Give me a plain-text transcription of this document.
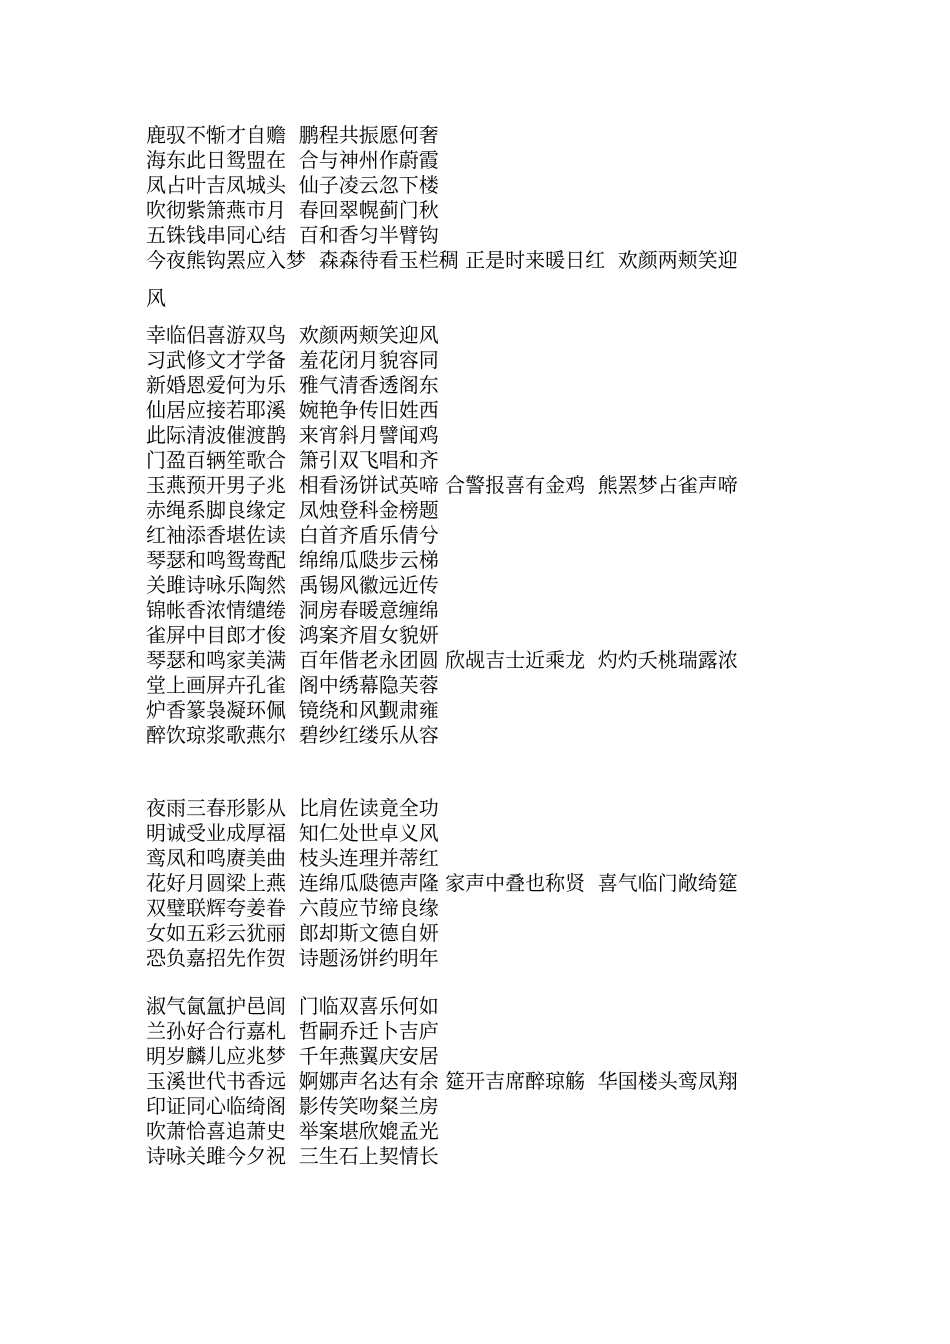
鹿驭不惭才自赡  鹏程共振愿何奢
海东此日鸳盟在  合与神州作蔚霞
凤占叶吉凤城头  仙子凌云忽下楼
吹彻紫箫燕市月  春回翠幌蓟门秋
五铢钱串同心结  百和香匀半臂钩
今夜熊钩罴应入梦  森森待看玉栏稠 正是时来暖日红  欢颜两颊笑迎
风
幸临侣喜游双鸟  欢颜两颊笑迎风
习武修文才学备  羞花闭月貌容同
新婚恩爱何为乐  雅气清香透阁东
仙居应接若耶溪  婉艳争传旧姓西
此际清波催渡鹊  来宵斜月譬闻鸡
门盈百辆笙歌合  箫引双飞唱和齐
玉燕预开男子兆  相看汤饼试英啼 合警报喜有金鸡  熊罴梦占雀声啼
赤绳系脚良缘定  凤烛登科金榜题
红袖添香堪佐读  白首齐盾乐倩兮
琴瑟和鸣鸳鸯配  绵绵瓜瓞步云梯
关雎诗咏乐陶然  禹锡风徽远近传
锦帐香浓情缱绻  洞房春暖意缠绵
雀屏中目郎才俊  鸿案齐眉女貌妍
琴瑟和鸣家美满  百年偕老永团圆 欣觇吉士近乘龙  灼灼夭桃瑞露浓
堂上画屏卉孔雀  阁中绣幕隐芙蓉
炉香篆袅凝环佩  镜绕和风觐肃雍
醉饮琼浆歌燕尔  碧纱红缕乐从容
夜雨三春形影从  比肩佐读竟全功
明诚受业成厚福  知仁处世卓义风
鸾凤和鸣赓美曲  枝头连理并蒂红
花好月圆梁上燕  连绵瓜瓞德声隆 家声中叠也称贤  喜气临门敞绮筵
双璧联辉夸姜眷  六葭应节缔良缘
女如五彩云犹丽  郎却斯文德自妍
恐负嘉招先作贺  诗题汤饼约明年
淑气氤氲护邑闾  门临双喜乐何如
兰孙好合行嘉札  哲嗣乔迁卜吉庐
明岁麟儿应兆梦  千年燕翼庆安居
玉溪世代书香远  婀娜声名达有余 筵开吉席醉琼觞  华国楼头鸾凤翔
印证同心临绮阁  影传笑吻粲兰房
吹萧恰喜追萧史  举案堪欣媲孟光
诗咏关雎今夕祝  三生石上契情长
